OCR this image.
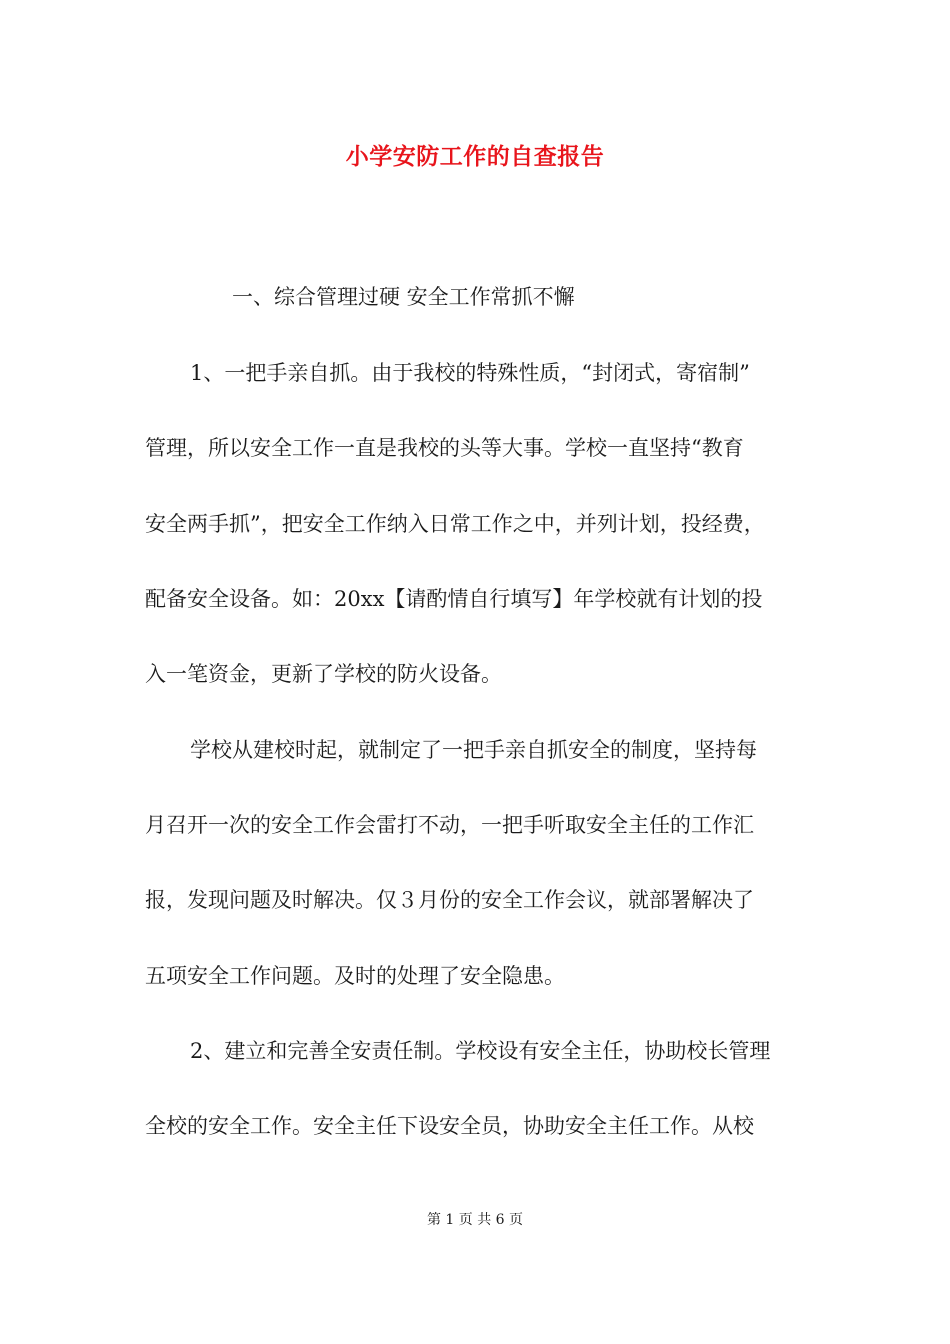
小学安防工作的自查报告
一、综合管理过硬 安全工作常抓不懈
1、一把手亲自抓。由于我校的特殊性质，“封闭式，寄宿制”
管理，所以安全工作一直是我校的头等大事。学校一直坚持“教育
安全两手抓”，把安全工作纳入日常工作之中，并列计划，投经费，
配备安全设备。如：20xx【请酌情自行填写】年学校就有计划的投
入一笔资金，更新了学校的防火设备。
学校从建校时起，就制定了一把手亲自抓安全的制度，坚持每
月召开一次的安全工作会雷打不动，一把手听取安全主任的工作汇
报，发现问题及时解决。仅３月份的安全工作会议，就部署解决了
五项安全工作问题。及时的处理了安全隐患。
2、建立和完善全安责任制。学校设有安全主任，协助校长管理
全校的安全工作。安全主任下设安全员，协助安全主任工作。从校
第 1 页 共 6 页
